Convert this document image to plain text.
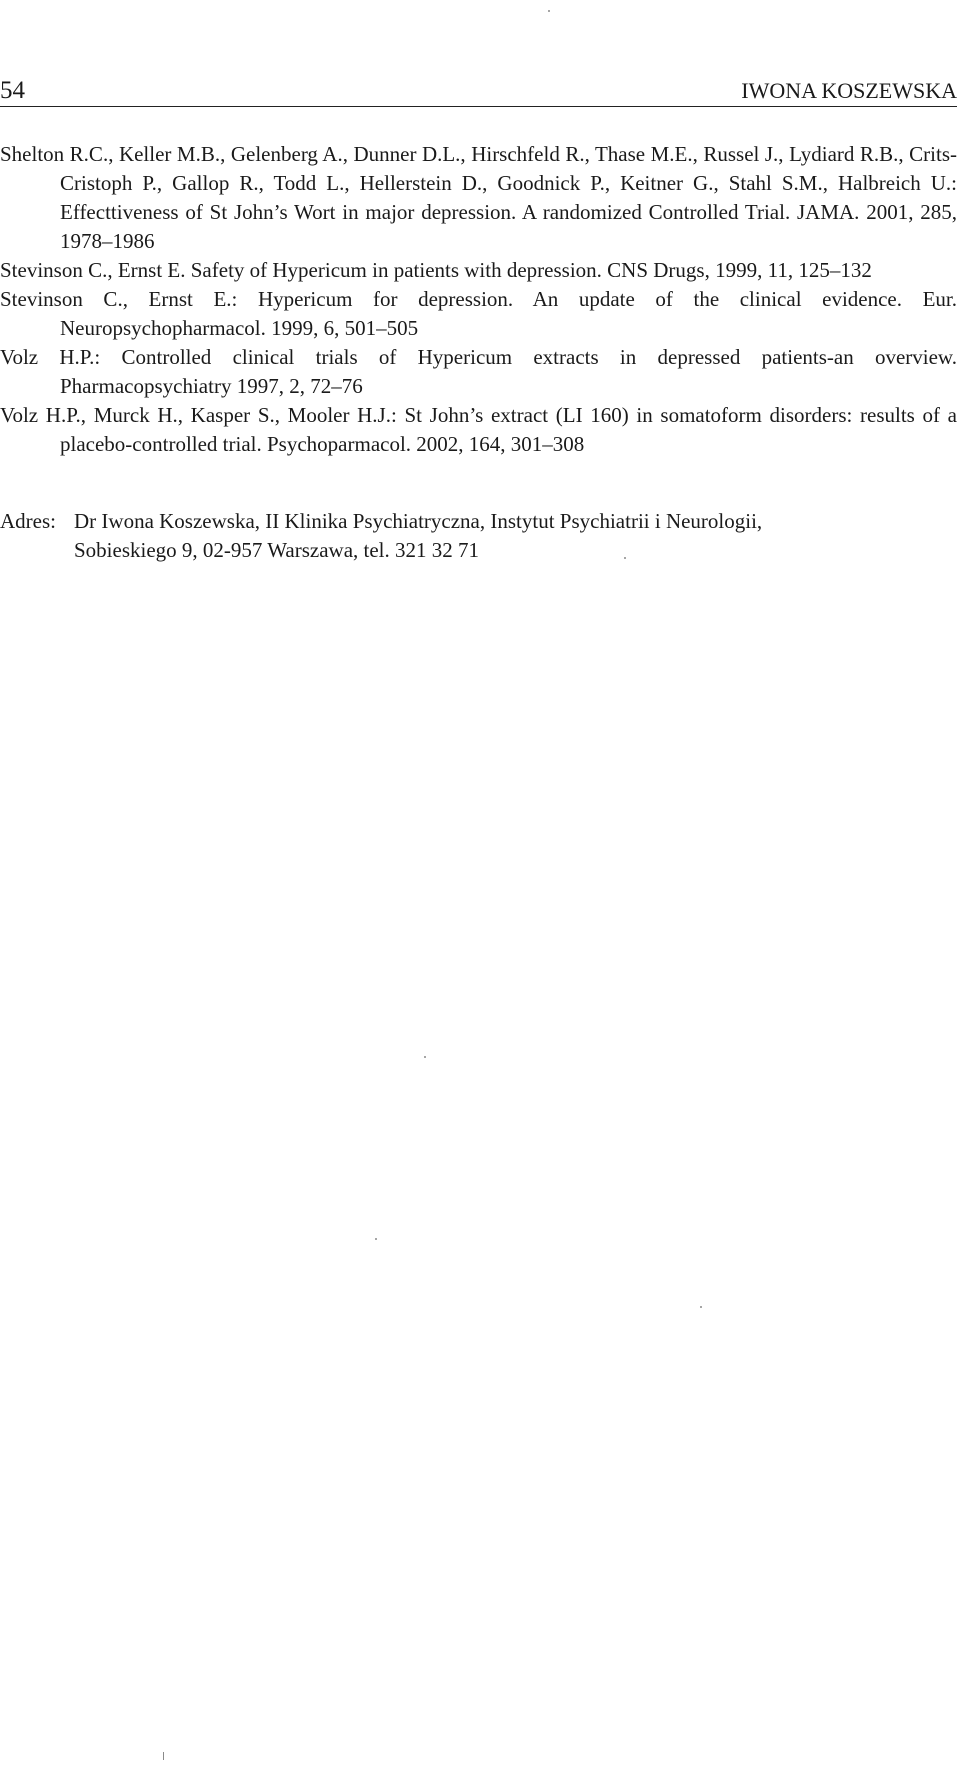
54	IWONA KOSZEWSKA
Shelton R.C., Keller M.B., Gelenberg A., Dunner D.L., Hirschfeld R., Thase M.E., Russel J., Lydiard R.B., Crits-Cristoph P., Gallop R., Todd L., Hellerstein D., Goodnick P., Keitner G., Stahl S.M., Halbreich U.: Effecttiveness of St John’s Wort in major depression. A randomized Controlled Trial. JAMA. 2001, 285, 1978–1986
Stevinson C., Ernst E. Safety of Hypericum in patients with depression. CNS Drugs, 1999, 11, 125–132
Stevinson C., Ernst E.: Hypericum for depression. An update of the clinical evidence. Eur. Neuropsychopharmacol. 1999, 6, 501–505
Volz H.P.: Controlled clinical trials of Hypericum extracts in depressed patients-an overview. Pharmacopsychiatry 1997, 2, 72–76
Volz H.P., Murck H., Kasper S., Mooler H.J.: St John’s extract (LI 160) in somatoform disorders: results of a placebo-controlled trial. Psychoparmacol. 2002, 164, 301–308
Adres: Dr Iwona Koszewska, II Klinika Psychiatryczna, Instytut Psychiatrii i Neurologii,
Sobieskiego 9, 02-957 Warszawa, tel. 321 32 71
